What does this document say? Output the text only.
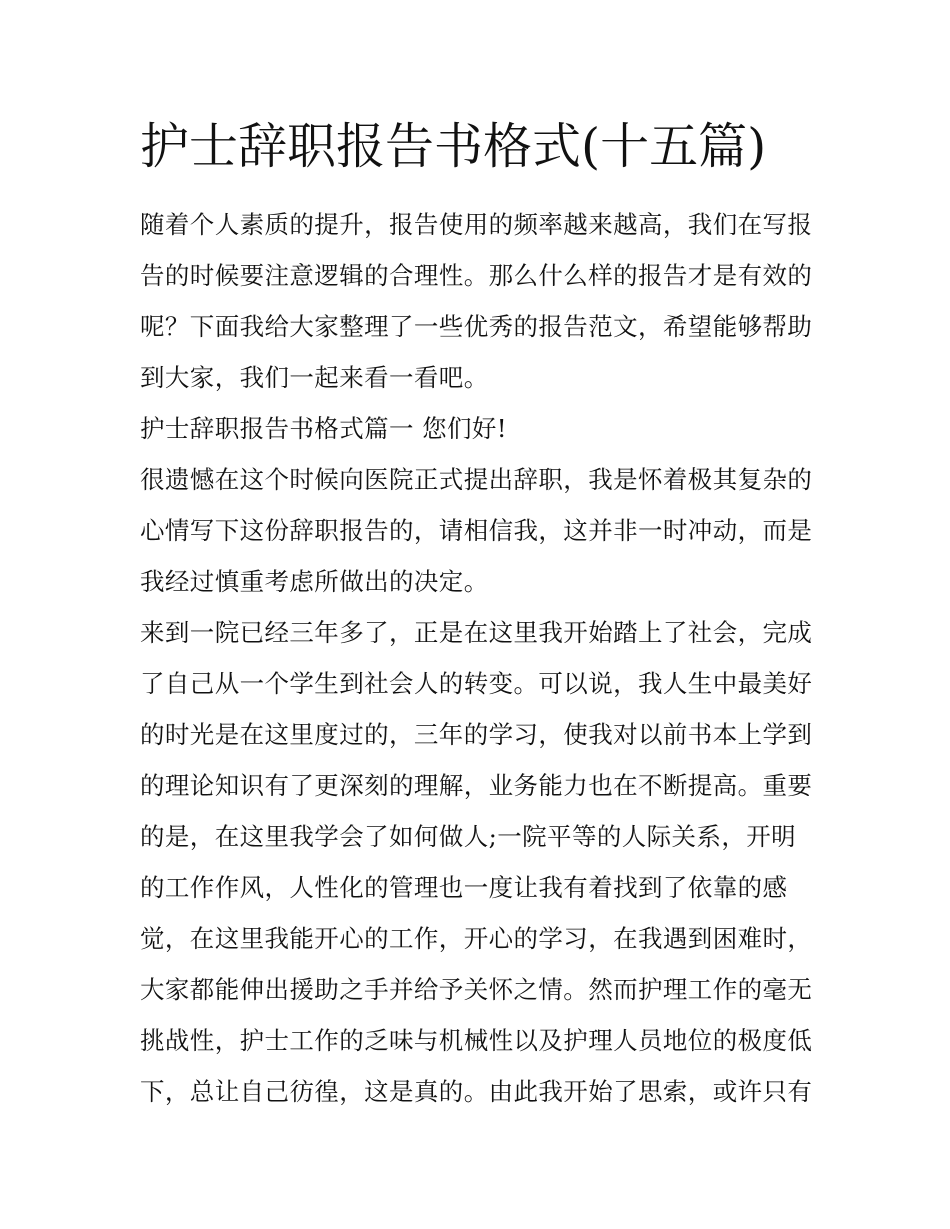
护士辞职报告书格式(十五篇)
随着个人素质的提升，报告使用的频率越来越高，我们在写报
告的时候要注意逻辑的合理性。那么什么样的报告才是有效的
呢？下面我给大家整理了一些优秀的报告范文，希望能够帮助
到大家，我们一起来看一看吧。
护士辞职报告书格式篇一 您们好!
很遗憾在这个时候向医院正式提出辞职，我是怀着极其复杂的
心情写下这份辞职报告的，请相信我，这并非一时冲动，而是
我经过慎重考虑所做出的决定。
来到一院已经三年多了，正是在这里我开始踏上了社会，完成
了自己从一个学生到社会人的转变。可以说，我人生中最美好
的时光是在这里度过的，三年的学习，使我对以前书本上学到
的理论知识有了更深刻的理解，业务能力也在不断提高。重要
的是，在这里我学会了如何做人;一院平等的人际关系，开明
的工作作风，人性化的管理也一度让我有着找到了依靠的感
觉，在这里我能开心的工作，开心的学习，在我遇到困难时，
大家都能伸出援助之手并给予关怀之情。然而护理工作的毫无
挑战性，护士工作的乏味与机械性以及护理人员地位的极度低
下，总让自己彷徨，这是真的。由此我开始了思索，或许只有
